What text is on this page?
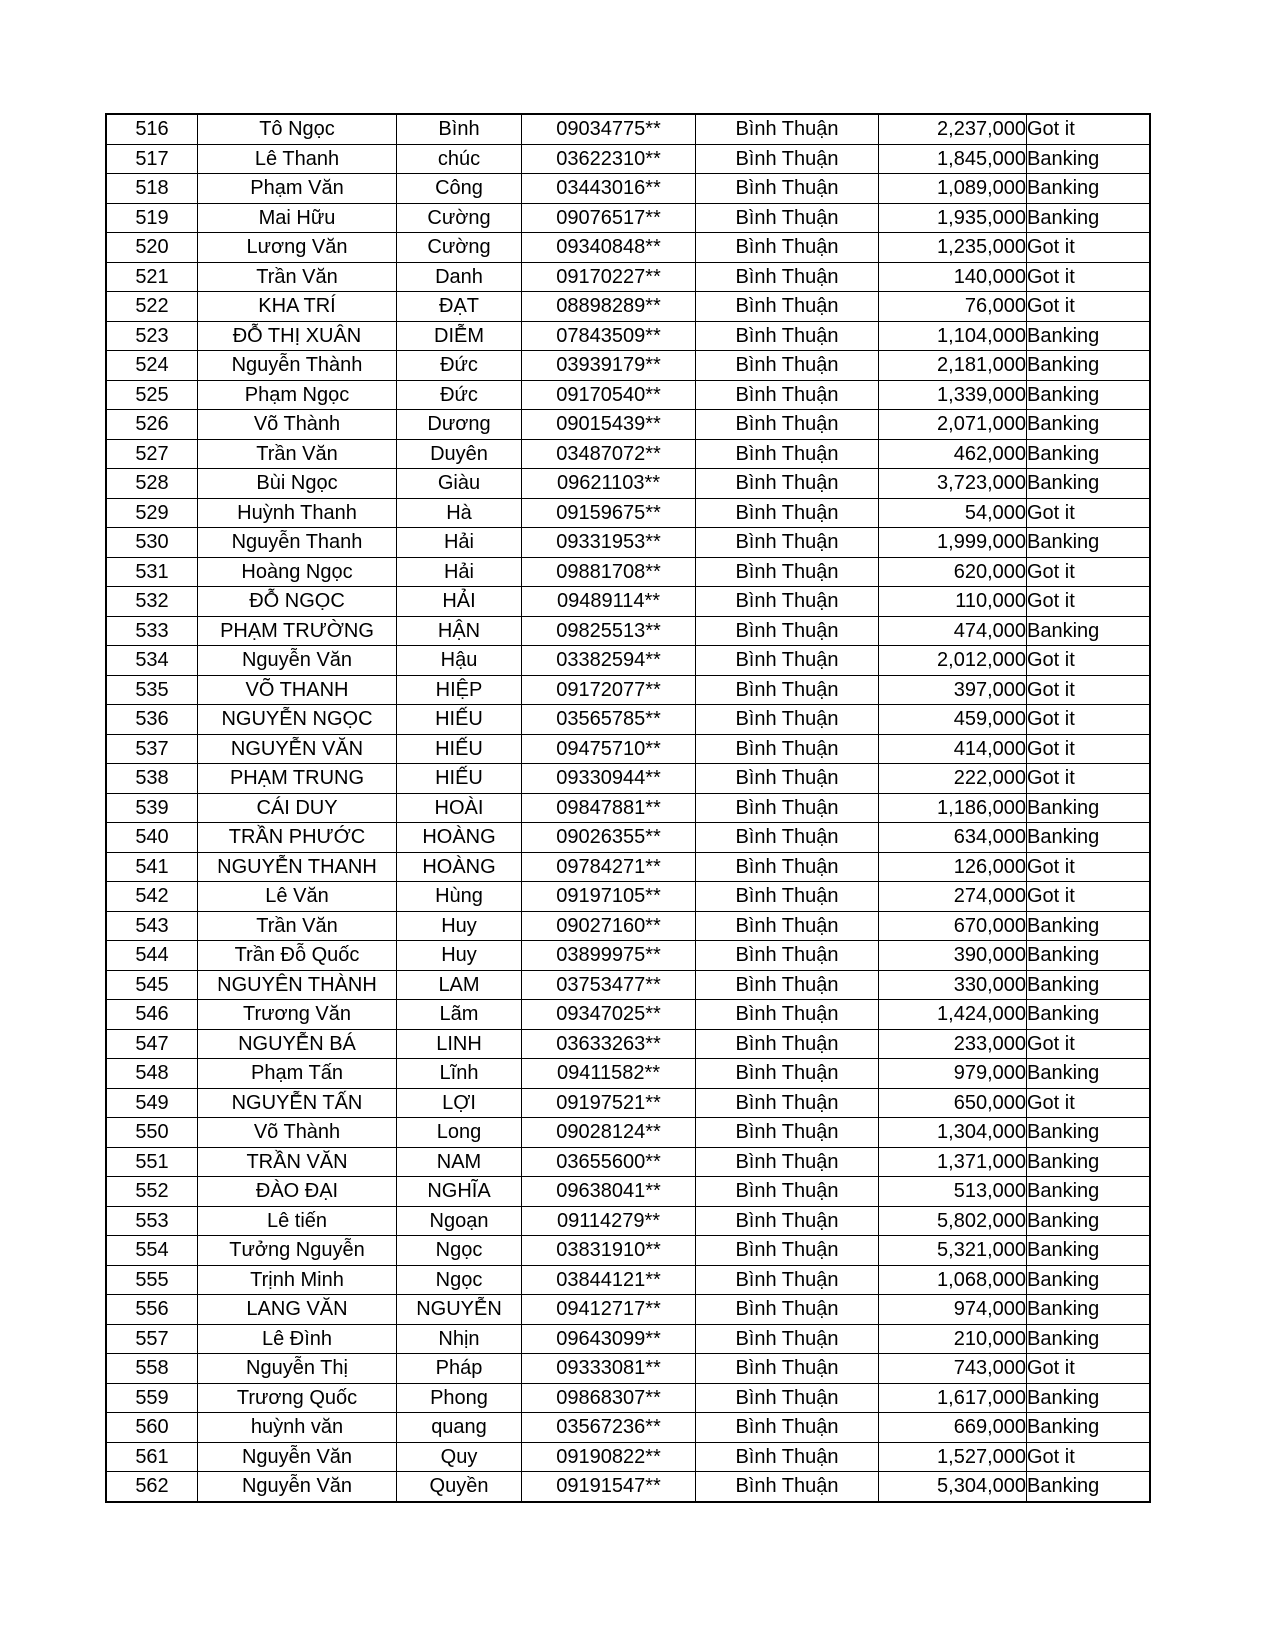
516	Tô Ngọc	Bình	09034775**	Bình Thuận	2,237,000	Got it
517	Lê Thanh	chúc	03622310**	Bình Thuận	1,845,000	Banking
518	Phạm Văn	Công	03443016**	Bình Thuận	1,089,000	Banking
519	Mai Hữu	Cường	09076517**	Bình Thuận	1,935,000	Banking
520	Lương Văn	Cường	09340848**	Bình Thuận	1,235,000	Got it
521	Trần Văn	Danh	09170227**	Bình Thuận	140,000	Got it
522	KHA TRÍ	ĐẠT	08898289**	Bình Thuận	76,000	Got it
523	ĐỖ THỊ XUÂN	DIỄM	07843509**	Bình Thuận	1,104,000	Banking
524	Nguyễn Thành	Đức	03939179**	Bình Thuận	2,181,000	Banking
525	Phạm Ngọc	Đức	09170540**	Bình Thuận	1,339,000	Banking
526	Võ Thành	Dương	09015439**	Bình Thuận	2,071,000	Banking
527	Trần Văn	Duyên	03487072**	Bình Thuận	462,000	Banking
528	Bùi Ngọc	Giàu	09621103**	Bình Thuận	3,723,000	Banking
529	Huỳnh Thanh	Hà	09159675**	Bình Thuận	54,000	Got it
530	Nguyễn Thanh	Hải	09331953**	Bình Thuận	1,999,000	Banking
531	Hoàng Ngọc	Hải	09881708**	Bình Thuận	620,000	Got it
532	ĐỖ NGỌC	HẢI	09489114**	Bình Thuận	110,000	Got it
533	PHẠM TRƯỜNG	HẬN	09825513**	Bình Thuận	474,000	Banking
534	Nguyễn Văn	Hậu	03382594**	Bình Thuận	2,012,000	Got it
535	VÕ THANH	HIỆP	09172077**	Bình Thuận	397,000	Got it
536	NGUYỄN NGỌC	HIẾU	03565785**	Bình Thuận	459,000	Got it
537	NGUYỄN VĂN	HIẾU	09475710**	Bình Thuận	414,000	Got it
538	PHẠM TRUNG	HIẾU	09330944**	Bình Thuận	222,000	Got it
539	CÁI DUY	HOÀI	09847881**	Bình Thuận	1,186,000	Banking
540	TRẦN PHƯỚC	HOÀNG	09026355**	Bình Thuận	634,000	Banking
541	NGUYỄN THANH	HOÀNG	09784271**	Bình Thuận	126,000	Got it
542	Lê Văn	Hùng	09197105**	Bình Thuận	274,000	Got it
543	Trần Văn	Huy	09027160**	Bình Thuận	670,000	Banking
544	Trần Đỗ Quốc	Huy	03899975**	Bình Thuận	390,000	Banking
545	NGUYÊN THÀNH	LAM	03753477**	Bình Thuận	330,000	Banking
546	Trương Văn	Lãm	09347025**	Bình Thuận	1,424,000	Banking
547	NGUYỄN BÁ	LINH	03633263**	Bình Thuận	233,000	Got it
548	Phạm Tấn	Lĩnh	09411582**	Bình Thuận	979,000	Banking
549	NGUYỄN TẤN	LỢI	09197521**	Bình Thuận	650,000	Got it
550	Võ Thành	Long	09028124**	Bình Thuận	1,304,000	Banking
551	TRẦN VĂN	NAM	03655600**	Bình Thuận	1,371,000	Banking
552	ĐÀO ĐẠI	NGHĨA	09638041**	Bình Thuận	513,000	Banking
553	Lê tiến	Ngoạn	09114279**	Bình Thuận	5,802,000	Banking
554	Tưởng Nguyễn	Ngọc	03831910**	Bình Thuận	5,321,000	Banking
555	Trịnh Minh	Ngọc	03844121**	Bình Thuận	1,068,000	Banking
556	LANG VĂN	NGUYỄN	09412717**	Bình Thuận	974,000	Banking
557	Lê Đình	Nhịn	09643099**	Bình Thuận	210,000	Banking
558	Nguyễn Thị	Pháp	09333081**	Bình Thuận	743,000	Got it
559	Trương Quốc	Phong	09868307**	Bình Thuận	1,617,000	Banking
560	huỳnh văn	quang	03567236**	Bình Thuận	669,000	Banking
561	Nguyễn Văn	Quy	09190822**	Bình Thuận	1,527,000	Got it
562	Nguyễn Văn	Quyền	09191547**	Bình Thuận	5,304,000	Banking
